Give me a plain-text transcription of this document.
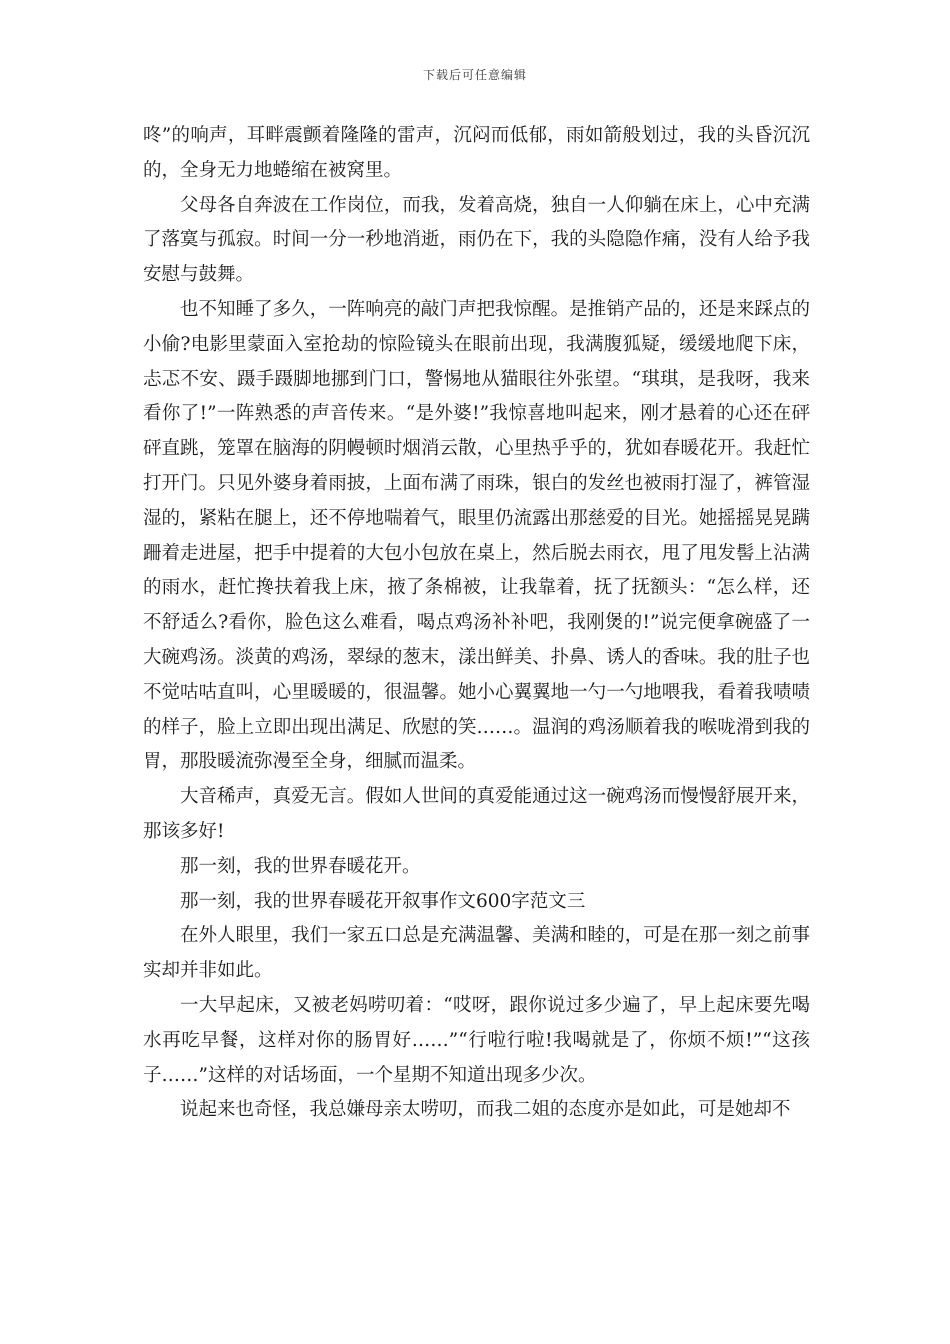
下载后可任意编辑

咚”的响声，耳畔震颤着隆隆的雷声，沉闷而低郁，雨如箭般划过，我的头昏沉沉的，全身无力地蜷缩在被窝里。

父母各自奔波在工作岗位，而我，发着高烧，独自一人仰躺在床上，心中充满了落寞与孤寂。时间一分一秒地消逝，雨仍在下，我的头隐隐作痛，没有人给予我安慰与鼓舞。

也不知睡了多久，一阵响亮的敲门声把我惊醒。是推销产品的，还是来踩点的小偷?电影里蒙面入室抢劫的惊险镜头在眼前出现，我满腹狐疑，缓缓地爬下床，忐忑不安、蹑手蹑脚地挪到门口，警惕地从猫眼往外张望。“琪琪，是我呀，我来看你了!”一阵熟悉的声音传来。“是外婆!”我惊喜地叫起来，刚才悬着的心还在砰砰直跳，笼罩在脑海的阴幔顿时烟消云散，心里热乎乎的，犹如春暖花开。我赶忙打开门。只见外婆身着雨披，上面布满了雨珠，银白的发丝也被雨打湿了，裤管湿湿的，紧粘在腿上，还不停地喘着气，眼里仍流露出那慈爱的目光。她摇摇晃晃蹒跚着走进屋，把手中提着的大包小包放在桌上，然后脱去雨衣，甩了甩发髻上沾满的雨水，赶忙搀扶着我上床，掖了条棉被，让我靠着，抚了抚额头：“怎么样，还不舒适么?看你，脸色这么难看，喝点鸡汤补补吧，我刚煲的!”说完便拿碗盛了一大碗鸡汤。淡黄的鸡汤，翠绿的葱末，漾出鲜美、扑鼻、诱人的香味。我的肚子也不觉咕咕直叫，心里暖暖的，很温馨。她小心翼翼地一勺一勺地喂我，看着我啧啧的样子，脸上立即出现出满足、欣慰的笑……。温润的鸡汤顺着我的喉咙滑到我的胃，那股暖流弥漫至全身，细腻而温柔。

大音稀声，真爱无言。假如人世间的真爱能通过这一碗鸡汤而慢慢舒展开来，那该多好!

那一刻，我的世界春暖花开。

那一刻，我的世界春暖花开叙事作文600字范文三

在外人眼里，我们一家五口总是充满温馨、美满和睦的，可是在那一刻之前事实却并非如此。

一大早起床，又被老妈唠叨着：“哎呀，跟你说过多少遍了，早上起床要先喝水再吃早餐，这样对你的肠胃好……”“行啦行啦!我喝就是了，你烦不烦!”“这孩子……”这样的对话场面，一个星期不知道出现多少次。

说起来也奇怪，我总嫌母亲太唠叨，而我二姐的态度亦是如此，可是她却不
